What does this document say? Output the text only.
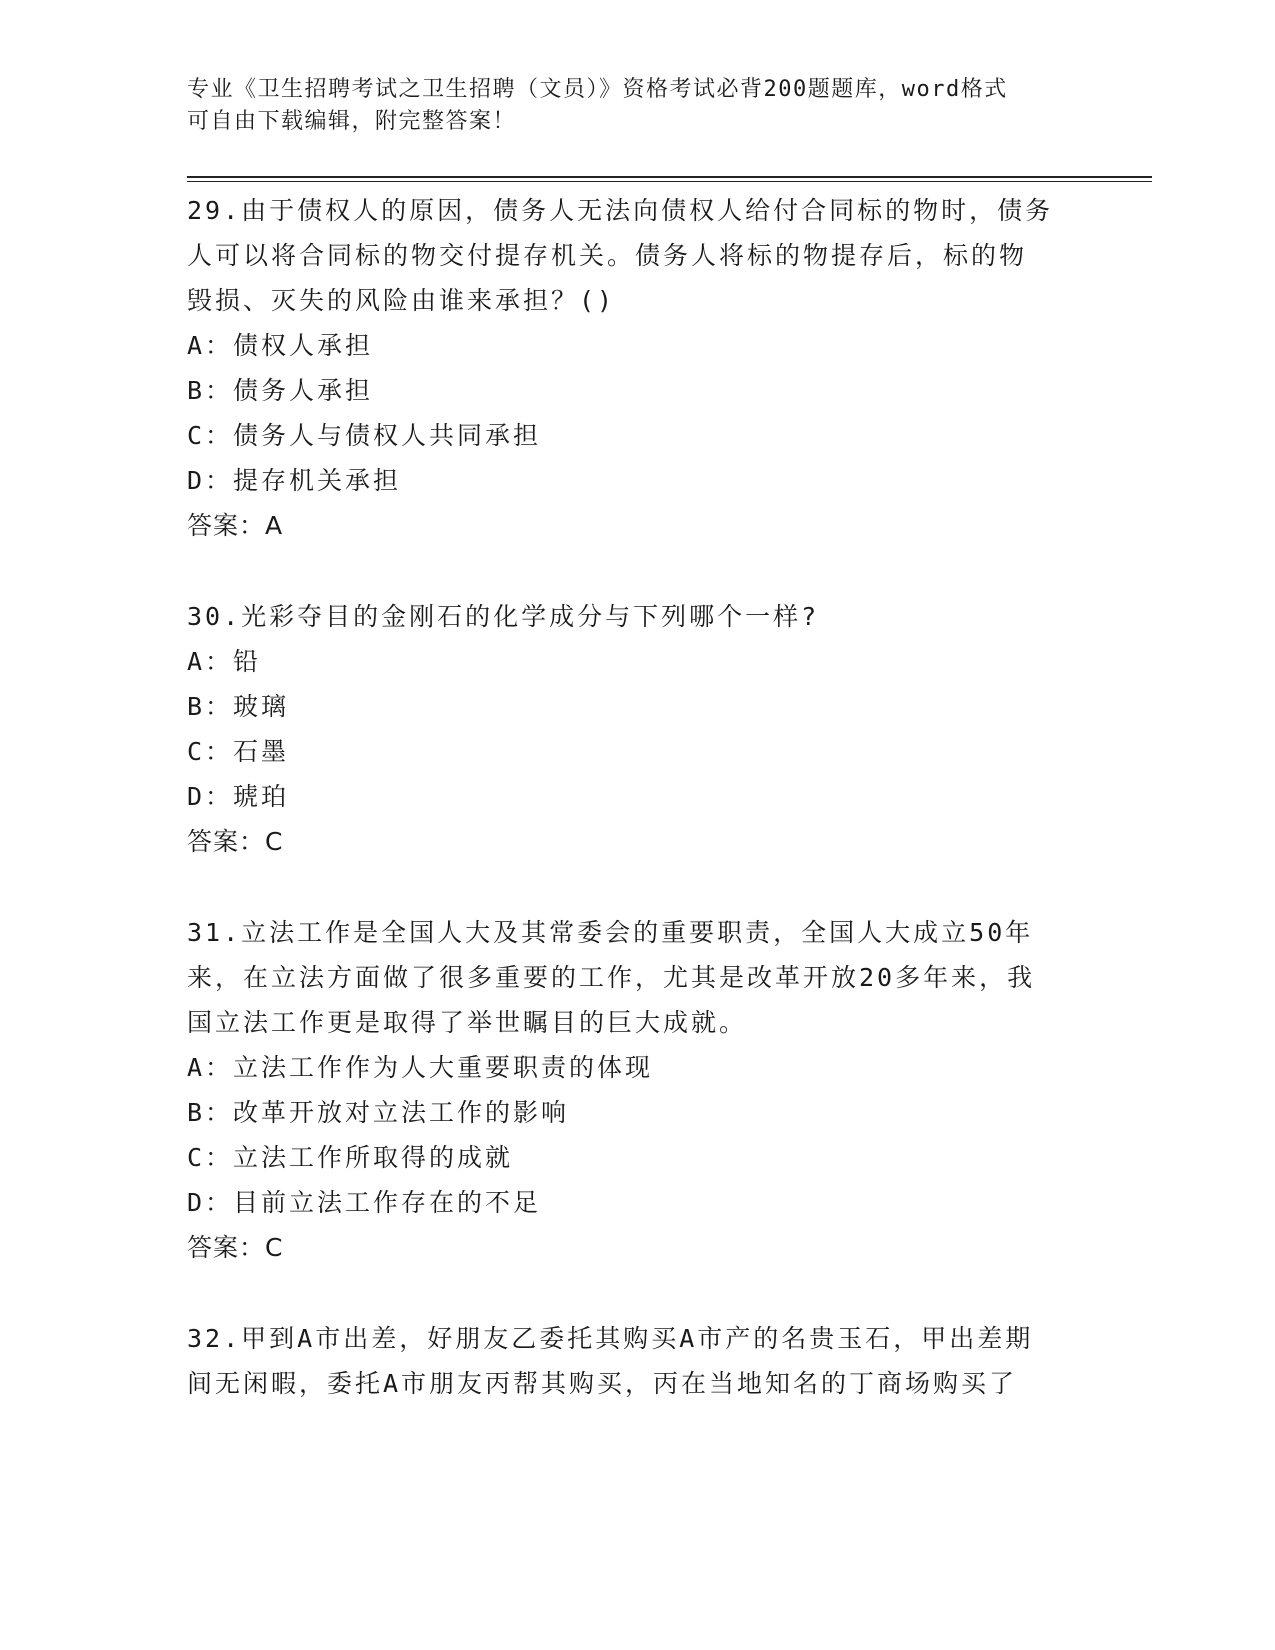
专业《卫生招聘考试之卫生招聘（文员）》资格考试必背200题题库，word格式
可自由下载编辑，附完整答案！

29.由于债权人的原因，债务人无法向债权人给付合同标的物时，债务

人可以将合同标的物交付提存机关。债务人将标的物提存后，标的物

毁损、灭失的风险由谁来承担？()

A：债权人承担

B：债务人承担

C：债务人与债权人共同承担

D：提存机关承担

答案：A

30.光彩夺目的金刚石的化学成分与下列哪个一样?

A：铅

B：玻璃

C：石墨

D：琥珀

答案：C

31.立法工作是全国人大及其常委会的重要职责，全国人大成立50年

来，在立法方面做了很多重要的工作，尤其是改革开放20多年来，我

国立法工作更是取得了举世瞩目的巨大成就。

A：立法工作作为人大重要职责的体现

B：改革开放对立法工作的影响

C：立法工作所取得的成就

D：目前立法工作存在的不足

答案：C

32.甲到A市出差，好朋友乙委托其购买A市产的名贵玉石，甲出差期

间无闲暇，委托A市朋友丙帮其购买，丙在当地知名的丁商场购买了
